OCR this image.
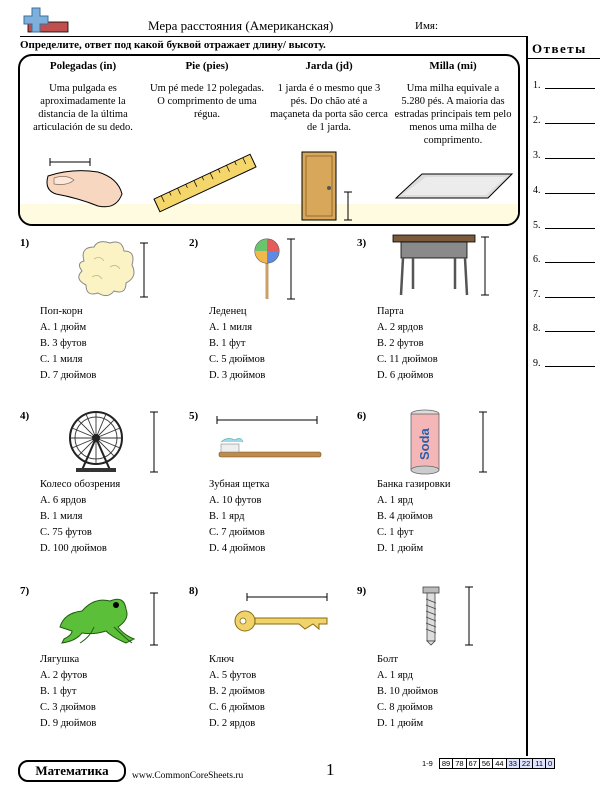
Мера расстояния (Американская)	Имя:
Определите, ответ под какой буквой отражает длину/ высоту.
Polegadas (in)
Uma pulgada es aproximadamente la distancia de la última articulación de su dedo.
Pie (pies)
Um pé mede 12 polegadas. O comprimento de uma régua.
Jarda (jd)
1 jarda é o mesmo que 3 pés. Do chão até a maçaneta da porta são cerca de 1 jarda.
Milla (mi)
Uma milha equivale a 5.280 pés. A maioria das estradas principais tem pelo menos uma milha de comprimento.
Ответы
1.
2.
3.
4.
5.
6.
7.
8.
9.
1)
Поп-корн
A. 1 дюйм
B. 3 футов
C. 1 миля
D. 7 дюймов
2)
Леденец
A. 1 миля
B. 1 фут
C. 5 дюймов
D. 3 дюймов
3)
Парта
A. 2 ярдов
B. 2 футов
C. 11 дюймов
D. 6 дюймов
4)
Колесо обозрения
A. 6 ярдов
B. 1 миля
C. 75 футов
D. 100 дюймов
5)
Зубная щетка
A. 10 футов
B. 1 ярд
C. 7 дюймов
D. 4 дюймов
6)
Soda
Банка газировки
A. 1 ярд
B. 4 дюймов
C. 1 фут
D. 1 дюйм
7)
Лягушка
A. 2 футов
B. 1 фут
C. 3 дюймов
D. 9 дюймов
8)
Ключ
A. 5 футов
B. 2 дюймов
C. 6 дюймов
D. 2 ярдов
9)
Болт
A. 1 ярд
B. 10 дюймов
C. 8 дюймов
D. 1 дюйм
Математика	www.CommonCoreSheets.ru	1	1-9	89	78	67	56	44	33	22	11	0
